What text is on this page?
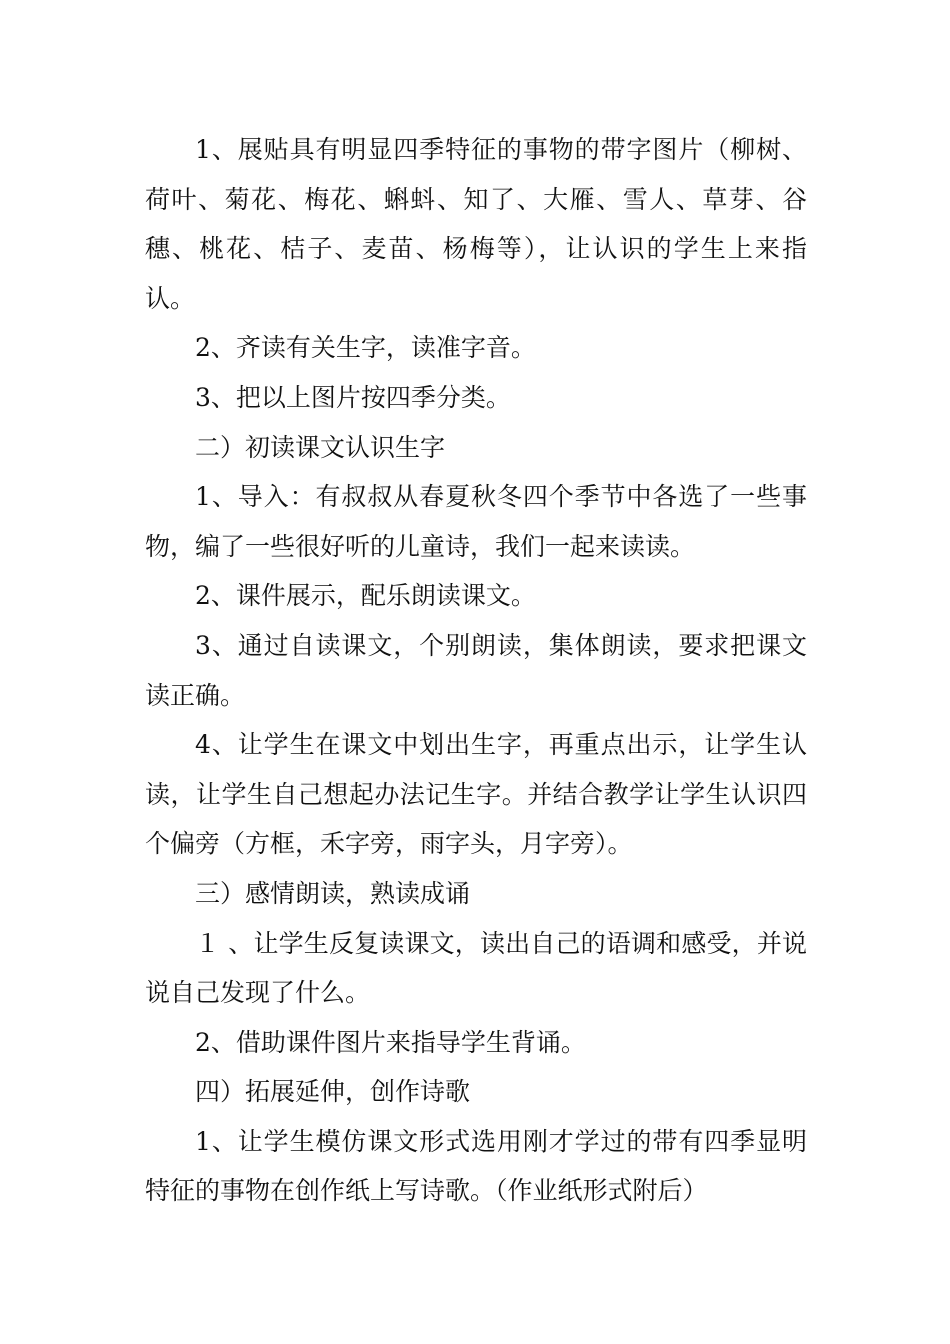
1、展贴具有明显四季特征的事物的带字图片（柳树、荷叶、菊花、梅花、蝌蚪、知了、大雁、雪人、草芽、谷穗、桃花、桔子、麦苗、杨梅等），让认识的学生上来指认。

2、齐读有关生字，读准字音。

3、把以上图片按四季分类。

二）初读课文认识生字

1、导入：有叔叔从春夏秋冬四个季节中各选了一些事物，编了一些很好听的儿童诗，我们一起来读读。

2、课件展示，配乐朗读课文。

3、通过自读课文，个别朗读，集体朗读，要求把课文读正确。

4、让学生在课文中划出生字，再重点出示，让学生认读，让学生自己想起办法记生字。并结合教学让学生认识四个偏旁（方框，禾字旁，雨字头，月字旁）。

三）感情朗读，熟读成诵

１ 、让学生反复读课文，读出自己的语调和感受，并说说自己发现了什么。

2、借助课件图片来指导学生背诵。

四）拓展延伸，创作诗歌

1、让学生模仿课文形式选用刚才学过的带有四季显明特征的事物在创作纸上写诗歌。（作业纸形式附后）
